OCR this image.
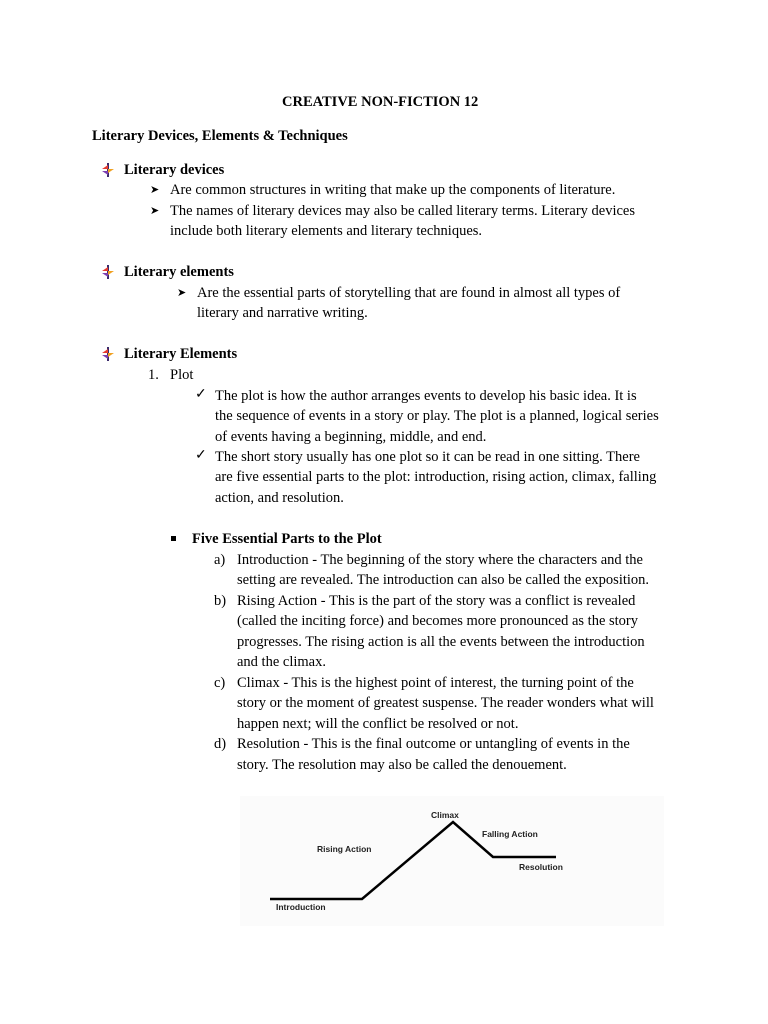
CREATIVE NON-FICTION 12
Literary Devices, Elements & Techniques
Literary devices
➤ Are common structures in writing that make up the components of literature.
➤ The names of literary devices may also be called literary terms. Literary devices
include both literary elements and literary techniques.
Literary elements
➤ Are the essential parts of storytelling that are found in almost all types of
literary and narrative writing.
Literary Elements
1. Plot
✓ The plot is how the author arranges events to develop his basic idea. It is
the sequence of events in a story or play. The plot is a planned, logical series
of events having a beginning, middle, and end.
✓ The short story usually has one plot so it can be read in one sitting. There
are five essential parts to the plot: introduction, rising action, climax, falling
action, and resolution.
Five Essential Parts to the Plot
a) Introduction - The beginning of the story where the characters and the
setting are revealed. The introduction can also be called the exposition.
b) Rising Action - This is the part of the story was a conflict is revealed
(called the inciting force) and becomes more pronounced as the story
progresses. The rising action is all the events between the introduction
and the climax.
c) Climax - This is the highest point of interest, the turning point of the
story or the moment of greatest suspense. The reader wonders what will
happen next; will the conflict be resolved or not.
d) Resolution - This is the final outcome or untangling of events in the
story. The resolution may also be called the denouement.
Climax
Falling Action
Rising Action
Resolution
Introduction
